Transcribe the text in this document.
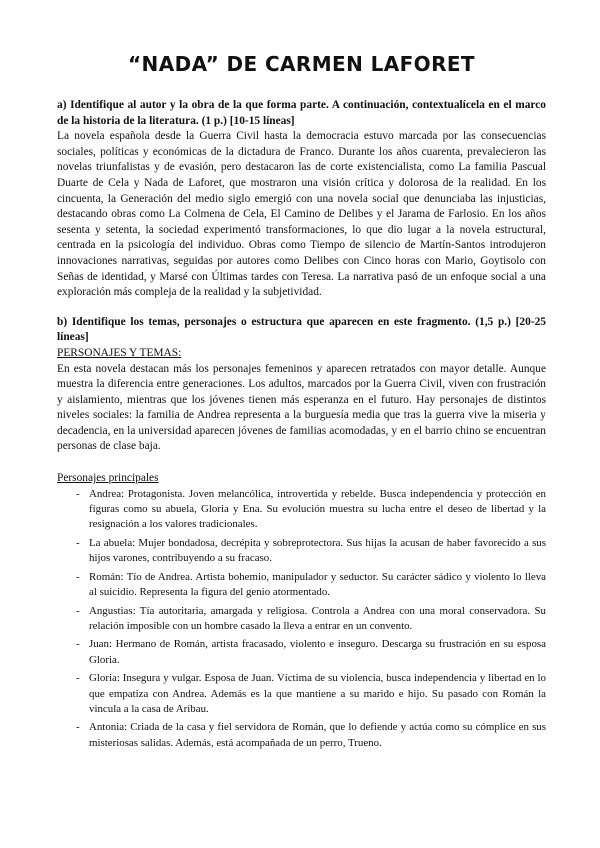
“NADA” DE CARMEN LAFORET

a) Identifique al autor y la obra de la que forma parte. A continuación, contextualícela en el marco de la historia de la literatura. (1 p.) [10-15 líneas]

La novela española desde la Guerra Civil hasta la democracia estuvo marcada por las consecuencias sociales, políticas y económicas de la dictadura de Franco. Durante los años cuarenta, prevalecieron las novelas triunfalistas y de evasión, pero destacaron las de corte existencialista, como La familia Pascual Duarte de Cela y Nada de Laforet, que mostraron una visión crítica y dolorosa de la realidad. En los cincuenta, la Generación del medio siglo emergió con una novela social que denunciaba las injusticias, destacando obras como La Colmena de Cela, El Camino de Delibes y el Jarama de Farlosio. En los años sesenta y setenta, la sociedad experimentó transformaciones, lo que dio lugar a la novela estructural, centrada en la psicología del individuo. Obras como Tiempo de silencio de Martín-Santos introdujeron innovaciones narrativas, seguidas por autores como Delibes con Cinco horas con Mario, Goytisolo con Señas de identidad, y Marsé con Últimas tardes con Teresa. La narrativa pasó de un enfoque social a una exploración más compleja de la realidad y la subjetividad.

b) Identifique los temas, personajes o estructura que aparecen en este fragmento. (1,5 p.) [20-25 líneas]

PERSONAJES Y TEMAS:

En esta novela destacan más los personajes femeninos y aparecen retratados con mayor detalle. Aunque muestra la diferencia entre generaciones. Los adultos, marcados por la Guerra Civil, viven con frustración y aislamiento, mientras que los jóvenes tienen más esperanza en el futuro. Hay personajes de distintos niveles sociales: la familia de Andrea representa a la burguesía media que tras la guerra vive la miseria y decadencia, en la universidad aparecen jóvenes de familias acomodadas, y en el barrio chino se encuentran personas de clase baja.

Personajes principales

- Andrea: Protagonista. Joven melancólica, introvertida y rebelde. Busca independencia y protección en figuras como su abuela, Gloria y Ena. Su evolución muestra su lucha entre el deseo de libertad y la resignación a los valores tradicionales.
- La abuela: Mujer bondadosa, decrépita y sobreprotectora. Sus hijas la acusan de haber favorecido a sus hijos varones, contribuyendo a su fracaso.
- Román: Tío de Andrea. Artista bohemio, manipulador y seductor. Su carácter sádico y violento lo lleva al suicidio. Representa la figura del genio atormentado.
- Angustias: Tía autoritaria, amargada y religiosa. Controla a Andrea con una moral conservadora. Su relación imposible con un hombre casado la lleva a entrar en un convento.
- Juan: Hermano de Román, artista fracasado, violento e inseguro. Descarga su frustración en su esposa Gloria.
- Gloria: Insegura y vulgar. Esposa de Juan. Víctima de su violencia, busca independencia y libertad en lo que empatiza con Andrea. Además es la que mantiene a su marido e hijo. Su pasado con Román la vincula a la casa de Aribau.
- Antonia: Criada de la casa y fiel servidora de Román, que lo defiende y actúa como su cómplice en sus misteriosas salidas. Además, está acompañada de un perro, Trueno.
